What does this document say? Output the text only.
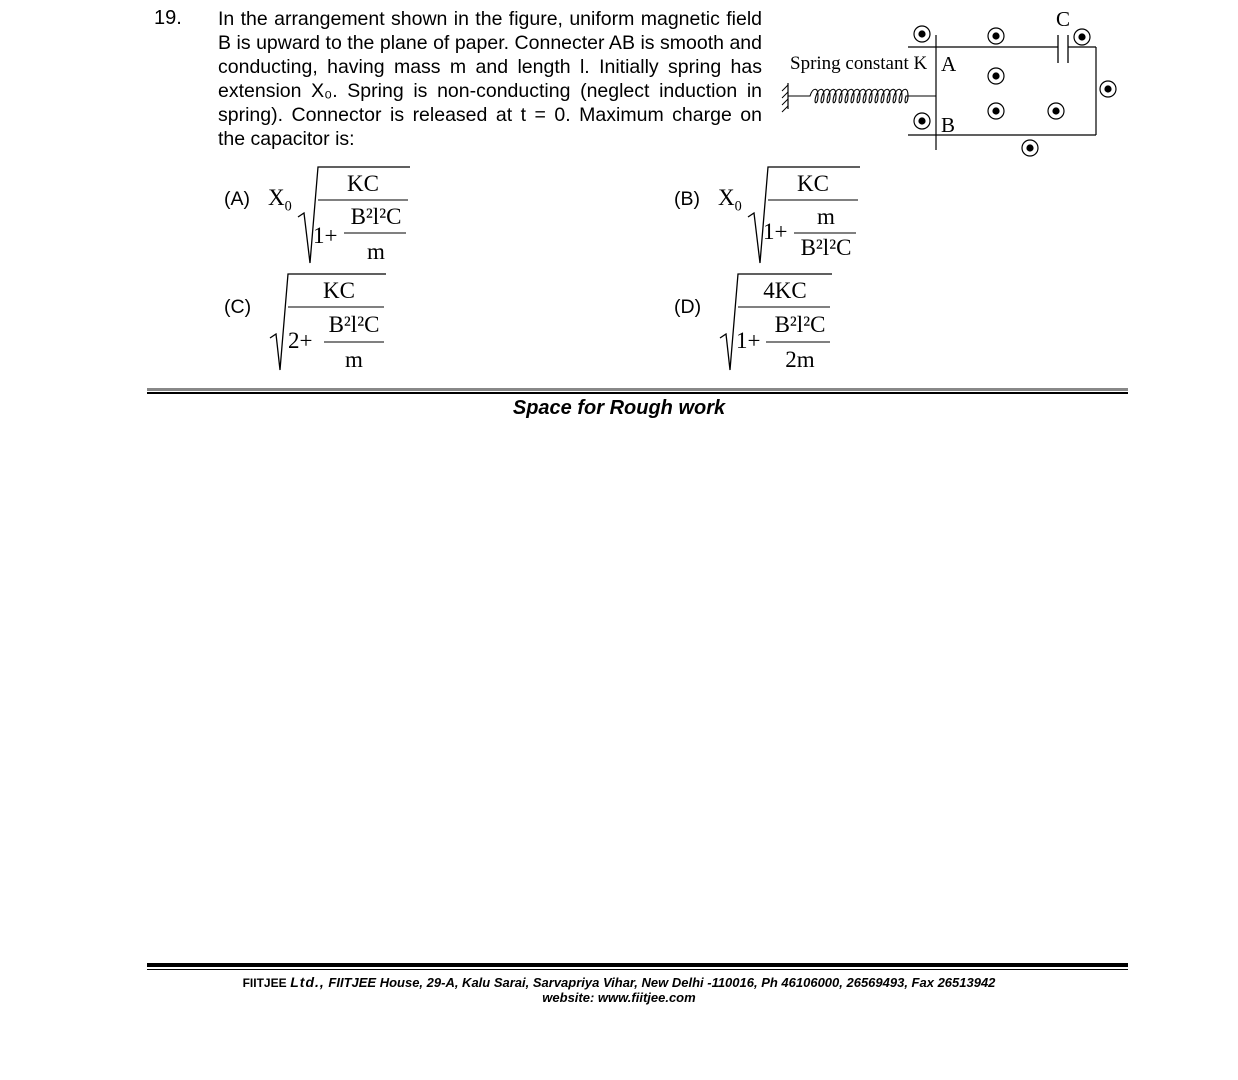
19. In the arrangement shown in the figure, uniform magnetic field B is upward to the plane of paper. Connecter AB is smooth and conducting, having mass m and length l. Initially spring has extension X₀. Spring is non-conducting (neglect induction in spring). Connector is released at t = 0. Maximum charge on the capacitor is:
Spring constant K A
B
C
(A) $X_0$
KC
1+
B²l²C
m
(B) $X_0$
KC
1+
m
B²l²C
(C)
KC
2+
B²l²C
m
(D)
4KC
1+
B²l²C
2m
Space for Rough work
FIITJEE Ltd., FIITJEE House, 29-A, Kalu Sarai, Sarvapriya Vihar, New Delhi -110016, Ph 46106000, 26569493, Fax 26513942
website: www.fiitjee.com
